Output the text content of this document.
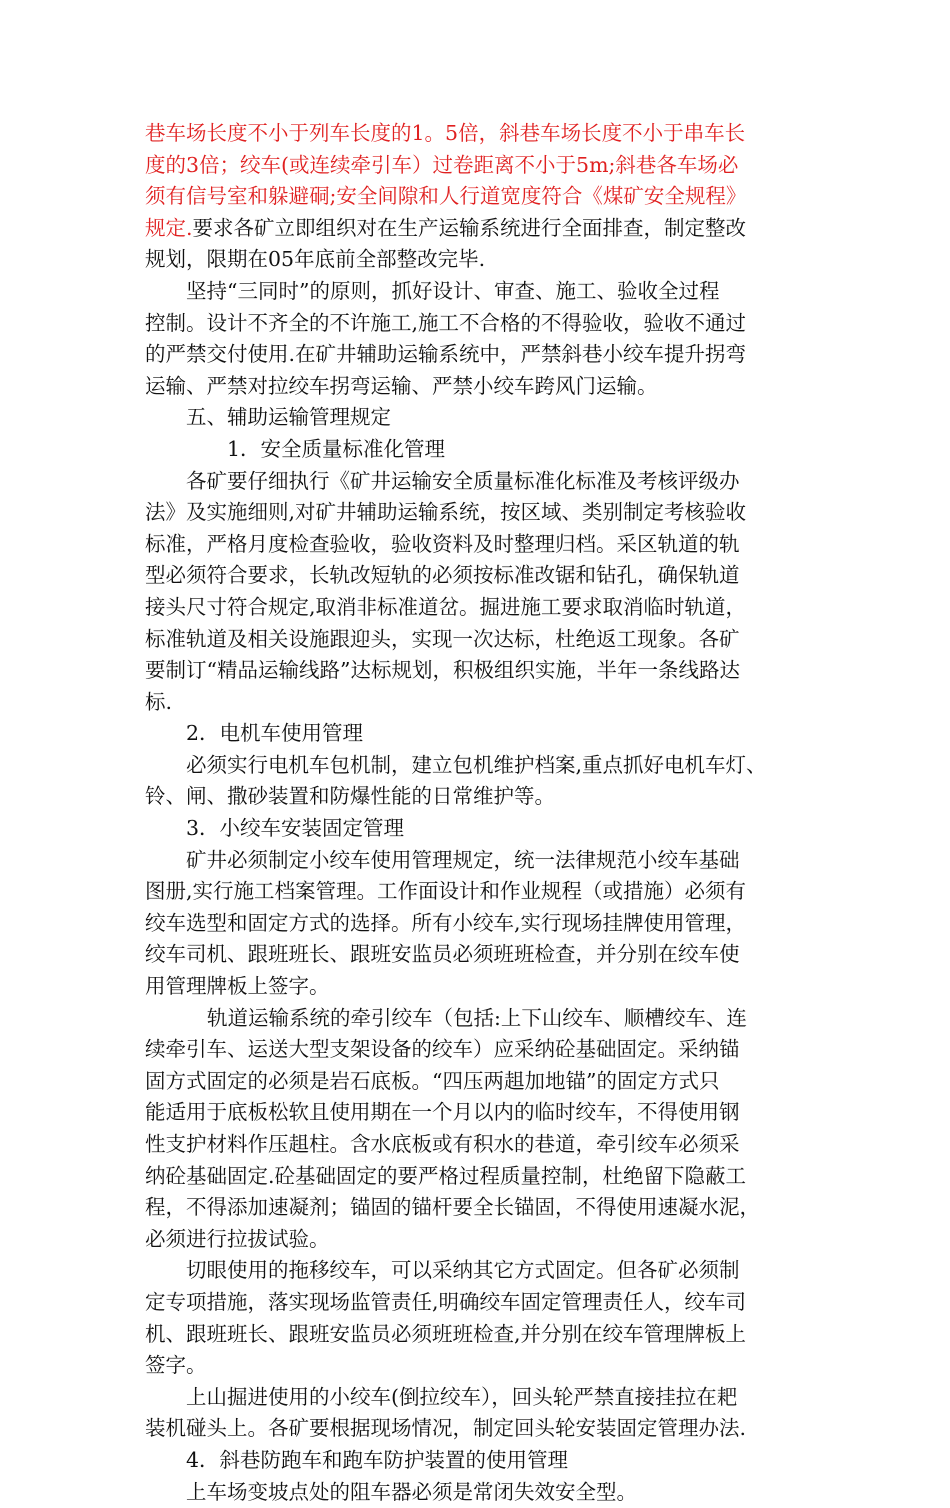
巷车场长度不小于列车长度的1。5倍，斜巷车场长度不小于串车长
度的3倍；绞车(或连续牵引车）过卷距离不小于5m;斜巷各车场必
须有信号室和躲避硐;安全间隙和人行道宽度符合《煤矿安全规程》
规定.要求各矿立即组织对在生产运输系统进行全面排查，制定整改
规划，限期在05年底前全部整改完毕.
坚持“三同时”的原则，抓好设计、审查、施工、验收全过程
控制。设计不齐全的不许施工,施工不合格的不得验收，验收不通过
的严禁交付使用.在矿井辅助运输系统中，严禁斜巷小绞车提升拐弯
运输、严禁对拉绞车拐弯运输、严禁小绞车跨风门运输。
五、辅助运输管理规定
1．安全质量标准化管理
各矿要仔细执行《矿井运输安全质量标准化标准及考核评级办
法》及实施细则,对矿井辅助运输系统，按区域、类别制定考核验收
标准，严格月度检查验收，验收资料及时整理归档。采区轨道的轨
型必须符合要求，长轨改短轨的必须按标准改锯和钻孔，确保轨道
接头尺寸符合规定,取消非标准道岔。掘进施工要求取消临时轨道，
标准轨道及相关设施跟迎头，实现一次达标，杜绝返工现象。各矿
要制订“精品运输线路”达标规划，积极组织实施，半年一条线路达
标.
2．电机车使用管理
必须实行电机车包机制，建立包机维护档案,重点抓好电机车灯、
铃、闸、撒砂装置和防爆性能的日常维护等。
3．小绞车安装固定管理
矿井必须制定小绞车使用管理规定，统一法律规范小绞车基础
图册,实行施工档案管理。工作面设计和作业规程（或措施）必须有
绞车选型和固定方式的选择。所有小绞车,实行现场挂牌使用管理，
绞车司机、跟班班长、跟班安监员必须班班检查，并分别在绞车使
用管理牌板上签字。
轨道运输系统的牵引绞车（包括:上下山绞车、顺槽绞车、连
续牵引车、运送大型支架设备的绞车）应采纳砼基础固定。采纳锚
固方式固定的必须是岩石底板。“四压两趄加地锚”的固定方式只
能适用于底板松软且使用期在一个月以内的临时绞车，不得使用钢
性支护材料作压趄柱。含水底板或有积水的巷道，牵引绞车必须采
纳砼基础固定.砼基础固定的要严格过程质量控制，杜绝留下隐蔽工
程，不得添加速凝剂；锚固的锚杆要全长锚固，不得使用速凝水泥，
必须进行拉拔试验。
切眼使用的拖移绞车，可以采纳其它方式固定。但各矿必须制
定专项措施，落实现场监管责任,明确绞车固定管理责任人，绞车司
机、跟班班长、跟班安监员必须班班检查,并分别在绞车管理牌板上
签字。
上山掘进使用的小绞车(倒拉绞车），回头轮严禁直接挂拉在耙
装机碰头上。各矿要根据现场情况，制定回头轮安装固定管理办法.
4．斜巷防跑车和跑车防护装置的使用管理
上车场变坡点处的阻车器必须是常闭失效安全型。
